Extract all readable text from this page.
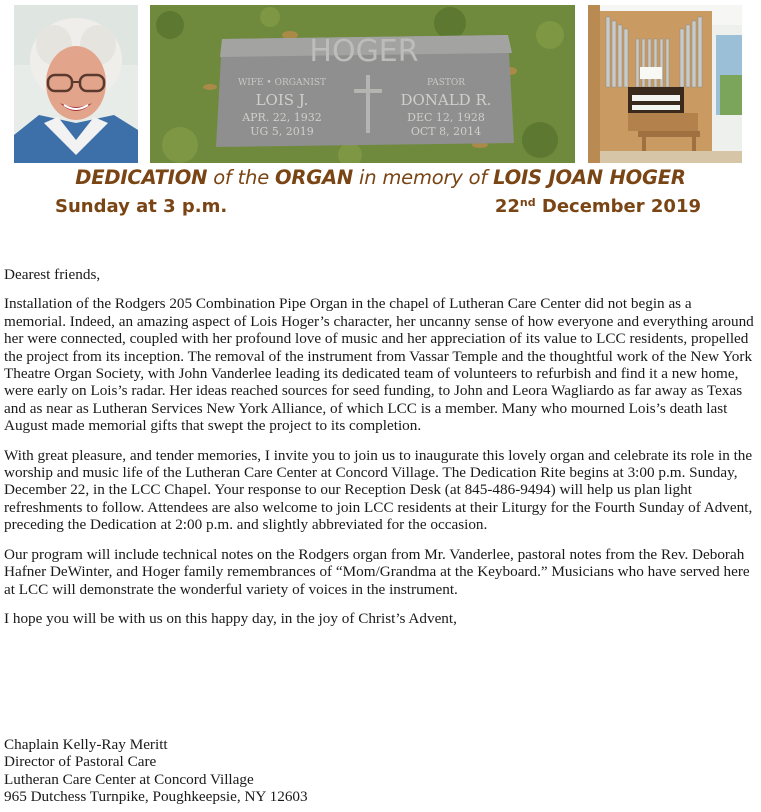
HOGER
WIFE • ORGANIST
LOIS J.
APR. 22, 1932
UG 5, 2019
PASTOR
DONALD R.
DEC 12, 1928
OCT 8, 2014
DEDICATION of the ORGAN in memory of LOIS JOAN HOGER
Sunday at 3 p.m.	22nd December 2019

Dearest friends,

Installation of the Rodgers 205 Combination Pipe Organ in the chapel of Lutheran Care Center did not begin as a memorial. Indeed, an amazing aspect of Lois Hoger’s character, her uncanny sense of how everyone and everything around her were connected, coupled with her profound love of music and her appreciation of its value to LCC residents, propelled the project from its inception. The removal of the instrument from Vassar Temple and the thoughtful work of the New York Theatre Organ Society, with John Vanderlee leading its dedicated team of volunteers to refurbish and find it a new home, were early on Lois’s radar. Her ideas reached sources for seed funding, to John and Leora Wagliardo as far away as Texas and as near as Lutheran Services New York Alliance, of which LCC is a member. Many who mourned Lois’s death last August made memorial gifts that swept the project to its completion.

With great pleasure, and tender memories, I invite you to join us to inaugurate this lovely organ and celebrate its role in the worship and music life of the Lutheran Care Center at Concord Village. The Dedication Rite begins at 3:00 p.m. Sunday, December 22, in the LCC Chapel. Your response to our Reception Desk (at 845-486-9494) will help us plan light refreshments to follow. Attendees are also welcome to join LCC residents at their Liturgy for the Fourth Sunday of Advent, preceding the Dedication at 2:00 p.m. and slightly abbreviated for the occasion.

Our program will include technical notes on the Rodgers organ from Mr. Vanderlee, pastoral notes from the Rev. Deborah Hafner DeWinter, and Hoger family remembrances of “Mom/Grandma at the Keyboard.” Musicians who have served here at LCC will demonstrate the wonderful variety of voices in the instrument.

I hope you will be with us on this happy day, in the joy of Christ’s Advent,

Chaplain Kelly-Ray Meritt
Director of Pastoral Care
Lutheran Care Center at Concord Village
965 Dutchess Turnpike, Poughkeepsie, NY 12603
